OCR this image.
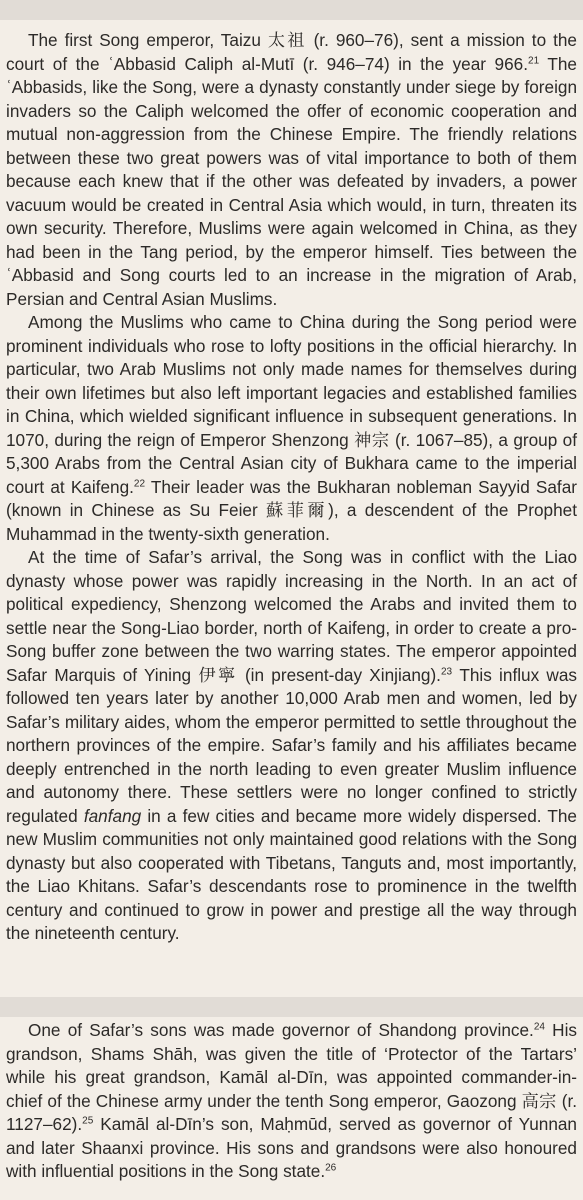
The first Song emperor, Taizu 太祖 (r. 960–76), sent a mission to the court of the ʿAbbasid Caliph al-Mutī (r. 946–74) in the year 966.21 The ʿAbbasids, like the Song, were a dynasty constantly under siege by foreign invaders so the Caliph welcomed the offer of economic cooperation and mutual non-aggression from the Chinese Empire. The friendly relations between these two great powers was of vital importance to both of them because each knew that if the other was defeated by invaders, a power vacuum would be created in Central Asia which would, in turn, threaten its own security. Therefore, Muslims were again welcomed in China, as they had been in the Tang period, by the emperor himself. Ties between the ʿAbbasid and Song courts led to an increase in the migration of Arab, Persian and Central Asian Muslims.

Among the Muslims who came to China during the Song period were prominent individuals who rose to lofty positions in the official hierarchy. In particular, two Arab Muslims not only made names for themselves during their own lifetimes but also left important legacies and established families in China, which wielded significant influence in subsequent generations. In 1070, during the reign of Emperor Shenzong 神宗 (r. 1067–85), a group of 5,300 Arabs from the Central Asian city of Bukhara came to the imperial court at Kaifeng.$^{22}$ Their leader was the Bukharan nobleman Sayyid Safar (known in Chinese as Su Feier 蘇菲爾), a descendent of the Prophet Muhammad in the twenty-sixth generation.

At the time of Safar’s arrival, the Song was in conflict with the Liao dynasty whose power was rapidly increasing in the North. In an act of political expediency, Shenzong welcomed the Arabs and invited them to settle near the Song-Liao border, north of Kaifeng, in order to create a pro-Song buffer zone between the two warring states. The emperor appointed Safar Marquis of Yining 伊寧 (in present-day Xinjiang).$^{23}$ This influx was followed ten years later by another 10,000 Arab men and women, led by Safar’s military aides, whom the emperor permitted to settle throughout the northern provinces of the empire. Safar’s family and his affiliates became deeply entrenched in the north leading to even greater Muslim influence and autonomy there. These settlers were no longer confined to strictly regulated fanfang in a few cities and became more widely dispersed. The new Muslim communities not only maintained good relations with the Song dynasty but also cooperated with Tibetans, Tanguts and, most importantly, the Liao Khitans. Safar’s descendants rose to prominence in the twelfth century and continued to grow in power and prestige all the way through the nineteenth century.

One of Safar’s sons was made governor of Shandong province.$^{24}$ His grandson, Shams Shāh, was given the title of ‘Protector of the Tartars’ while his great grandson, Kamāl al-Dīn, was appointed commander-in-chief of the Chinese army under the tenth Song emperor, Gaozong 高宗 (r. 1127–62).$^{25}$ Kamāl al-Dīn’s son, Maḥmūd, served as governor of Yunnan and later Shaanxi province. His sons and grandsons were also honoured with influential positions in the Song state.$^{26}$
